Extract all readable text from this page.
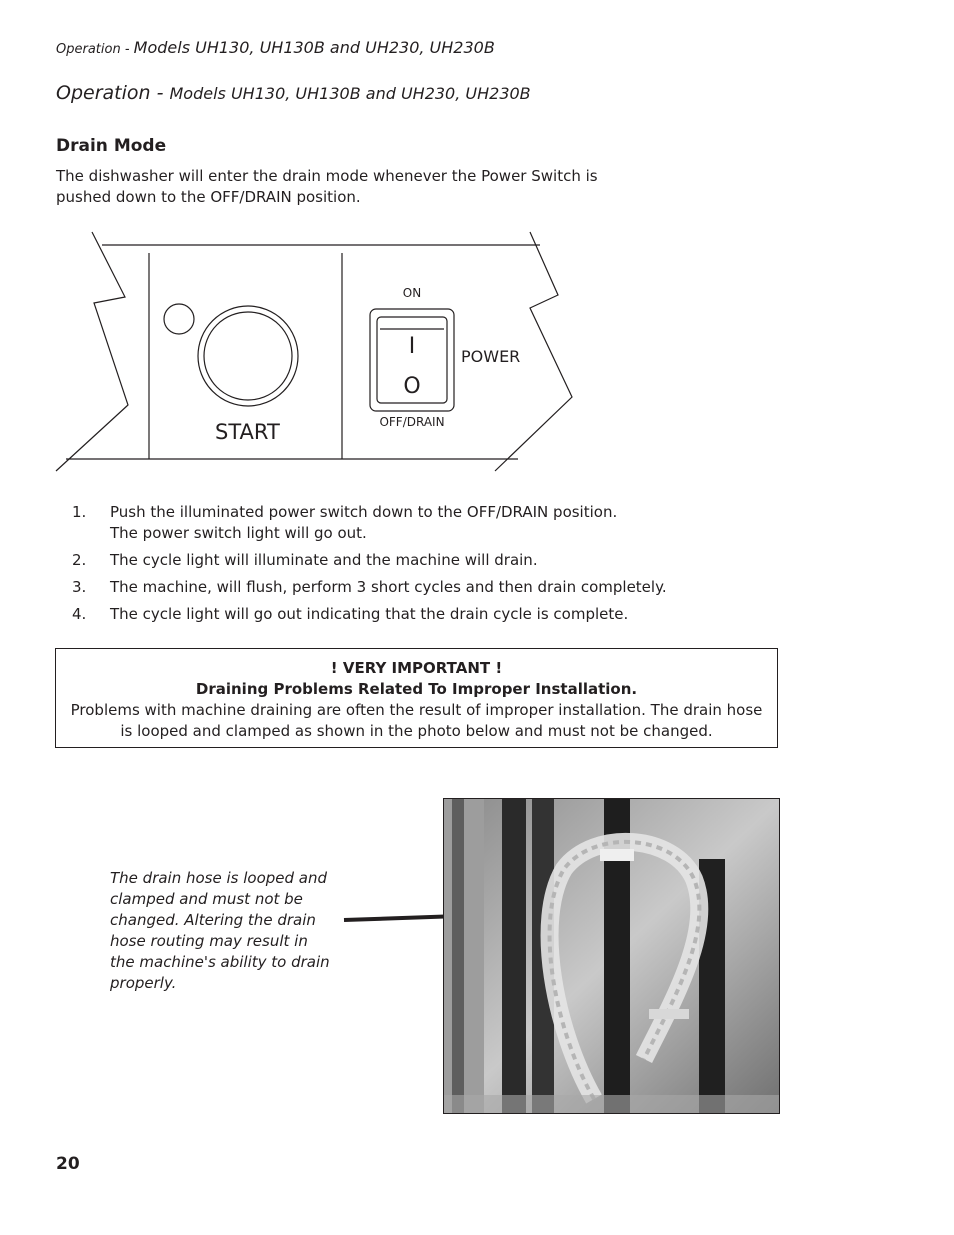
Operation - Models UH130, UH130B and UH230, UH230B
Operation - Models UH130, UH130B and UH230, UH230B
Drain Mode
The dishwasher will enter the drain mode whenever the Power Switch is
pushed down to the OFF/DRAIN position.
I
O
ON
OFF/DRAIN
POWER
START
1. Push the illuminated power switch down to the OFF/DRAIN position.
The power switch light will go out.
2. The cycle light will illuminate and the machine will drain.
3. The machine, will flush, perform 3 short cycles and then drain completely.
4. The cycle light will go out indicating that the drain cycle is complete.
! VERY IMPORTANT !
Draining Problems Related To Improper Installation.
Problems with machine draining are often the result of improper installation. The drain hose
is looped and clamped as shown in the photo below and must not be changed.
The drain hose is looped and
clamped and must not be
changed. Altering the drain
hose routing may result in
the machine's ability to drain
properly.
20
